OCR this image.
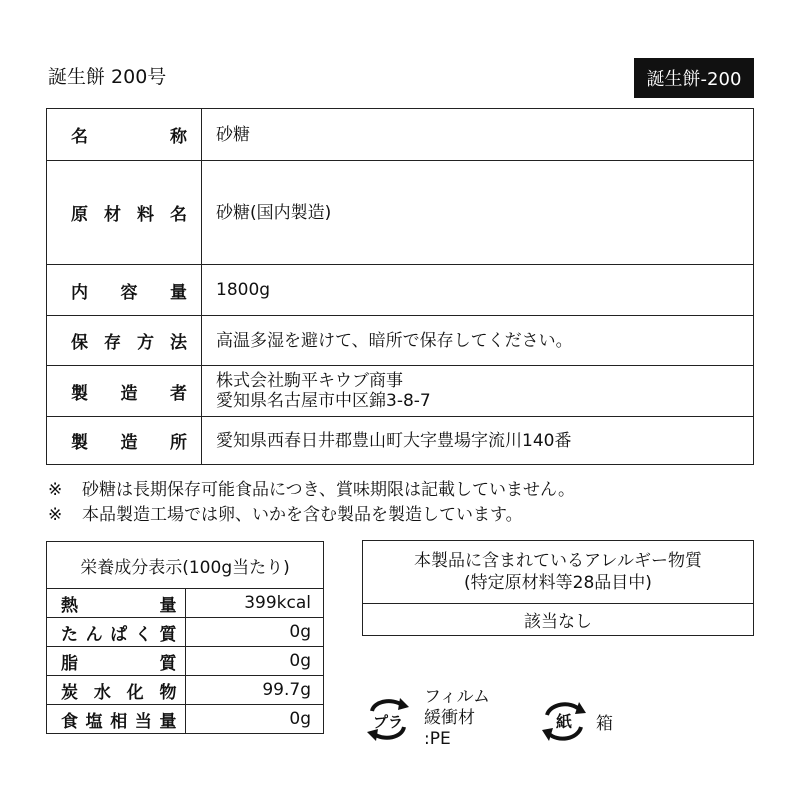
誕生餅 200号	誕生餅-200
名　称	砂糖

原材料名	砂糖(国内製造)

内容量	1800g

保存方法	高温多湿を避けて、暗所で保存してください。

製造者	株式会社駒平キウブ商事
愛知県名古屋市中区錦3-8-7

製造所	愛知県西春日井郡豊山町大字豊場字流川140番
※ 砂糖は長期保存可能食品につき、賞味期限は記載していません。
※ 本品製造工場では卵、いかを含む製品を製造しています。
栄養成分表示(100g当たり)	

熱　量	399kcal

たんぱく質	0g

脂　質	0g

炭水化物	99.7g

食塩相当量	0g
本製品に含まれているアレルギー物質
(特定原材料等28品目中)
該当なし
プラ
フィルム
緩衝材
:PE
紙 箱
